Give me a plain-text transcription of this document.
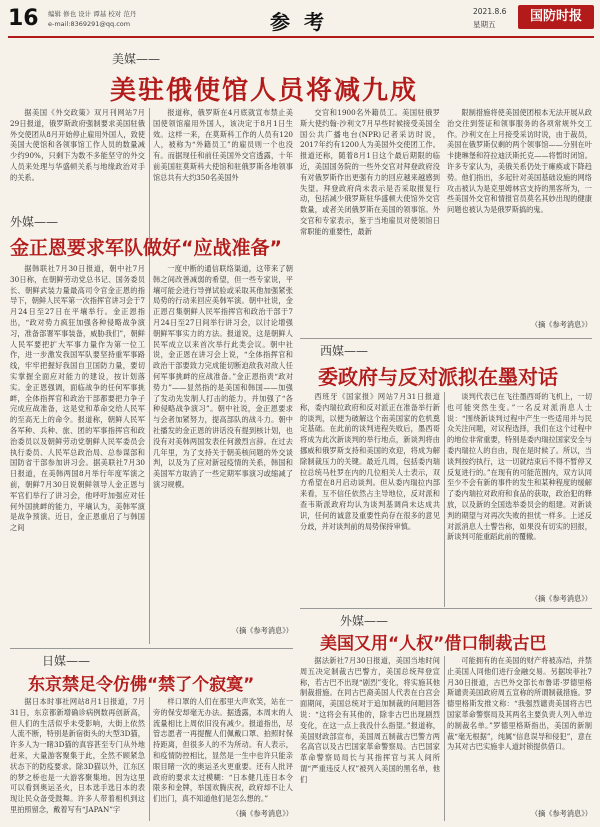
16 编辑 修也 设计 谭基 校对 范丹
e-mail:8369291@qq.com	参考	2021.8.6
星期五
国防时报
美媒——
美驻俄使馆人员将减九成

据美国《外交政策》双月刊网站7月29日报道，俄罗斯政府强制要求美国驻俄外交使团从8月开始停止雇用外国人，致使美国大使馆和各领事馆工作人员的数量减少约90%，只剩下为数不多能坚守的外交人员来处理与华盛顿关系与地缘政治对手的关系。

报道称，俄罗斯在4月底就宣布禁止美国使领馆雇用外国人，该决定于8月1日生效。这样一来，在莫斯科工作的人员有120人，被称为“外籍员工”的雇员则一个也没有。而据现任和前任美国外交官透露，十年前美国驻莫斯科大使馆和驻俄罗斯各地领事馆总共有大约350名美国外

交官和1900名外籍员工。美国驻俄罗斯大使约翰·沙利文7月早些时候接受美国全国公共广播电台(NPR)记者采访时说，2017年约有1200人为美国外交使团工作。报道还称，随着8月1日这个最后期限的临近，美国国务院的一些外交官对拜登政府没有对俄罗斯作出更强有力的回应越来越感到失望。拜登政府尚未表示是否采取报复行动，包括减少俄罗斯驻华盛顿大使馆外交官数量，或者关闭俄罗斯在美国的领事馆。外交官和专家表示，鉴于当地雇员对使领馆日常职能的重要性，最新

限制措施将使美国使团根本无法开展从政治交往到签证和领事服务的各项常规外交工作。沙利文在上月接受采访时说，由于裁员，美国在俄罗斯仅剩的两个领事馆——分别在叶卡捷琳堡和符拉迪沃斯托克——将暂时闭馆。许多专家认为，美俄关系仍处于瘫痪或下降趋势。他们指出，多起针对美国基础设施的网络攻击被认为是克里姆林宫支持的黑客所为，一些美国外交官和情报官员莫名其妙出现的健康问题也被认为是俄罗斯搞的鬼。

（摘《参考消息》）
外媒——
金正恩要求军队做好“应战准备”

据韩联社7月30日报道，朝中社7月30日称，在朝鲜劳动党总书记、国务委员长、朝鲜武装力量最高司令官金正恩的指导下，朝鲜人民军第一次指挥官讲习会于7月24日至27日在平壤举行。金正恩指出，“政对势力疯狂加强各种侵略战争演习，准备部署军事装备，威胁我们”，朝鲜人民军要把扩大军事力量作为第一位工作，进一步激发我国军队要坚持重军事路线，牢牢把握好我国自卫国防力量，要切实掌握全面应对能力的建设，按计划落实。金正恩强调，面临战争的任何军事挑衅，全体指挥官和政治干部都要把力争子完成应战准备，这是党和革命交给人民军的至高无上的命令。报道称，朝鲜人民军各军种、兵种、旅、团的军事指挥官和政治委员以及朝鲜劳动党朝鲜人民军委员会执行委员、人民军总政治局、总参谋部和国防省干部参加讲习会。据美联社7月30日报道，在美韩两国8月举行年度军演之前，朝鲜7月30日说朝鲜领导人金正恩与军官们举行了讲习会，他呼吁加强应对任何外国挑衅的能力，平壤认为，美韩军演是战争预演。近日，金正恩重启了与韩国之间

一度中断的通信联络渠道，这带来了朝韩之间改善减弱的希望，但一些专家说，平壤可能会进行导弹试验或采取其他加强紧张局势的行动来回应美韩军演。朝中社说，金正恩召集朝鲜人民军指挥官和政治干部于7月24日至27日间举行讲习会，以讨论增强朝鲜军事实力的方法。报道说，这是朝鲜人民军成立以来首次举行此类会议。朝中社说，金正恩在讲习会上说，“全体指挥官和政治干部要致力完成能切断迫敌我对敌人任何军事挑衅的应战准备。”金正恩指责“政对势力”——显然指的是美国和韩国——加强了发动先发制人打击的能力，并加强了“各种侵略战争演习”。朝中社说，金正恩要求与会者加紧努力，提高部队的战斗力。朝中社播发的金正恩的讲话没有提到核计划，也没有对美韩两国发表任何激烈言辞。在过去几年里，为了支持关于朝美核问题的外交谈判，以及为了应对新冠疫情的关系，韩国和美国军方取消了一些定期军事演习或缩减了演习规模。

（摘《参考消息》）
西媒——
委政府与反对派拟在墨对话

西班牙《国家报》网站7月31日报道称，委内瑞拉政府和反对派正在准备举行新的谈判，以便为破解这个南美国家的危机奠定基础。在此前的谈判进程失败后，墨西哥将成为此次新谈判的举行地点，新谈判将由挪威和俄罗斯支持和美国的欢迎，将成为解除制裁压力的关键。最近几周，包括委内瑞拉总统马杜罗在内的几位相关人士表示，双方希望在8月启动谈判。但从委内瑞拉内部来看，互不信任依然占主导地位，反对派和查韦斯派政府均认为谈判基调尚未达成共识，任何的诚意及重要性尚存在很多的意见分歧，并对谈判前的局势保持审慎。

谈判代表已在飞往墨西哥的飞机上，一切也可能突然生变。”一名反对派消息人士说：“围绕新谈判过程中产生一些适用并与民众关注问题，对议程选择，我们在这个过程中的地位非常重要，特别是委内瑞拉国家安全与委内瑞拉人的自由，现在是时候了。所以，当谈判按约执行，这一切就结束后不得不暂停又反复进行的。”在现有的可能范围内，双方认同至少不会有新的事件的发生和某种程度的缓解了委内瑞拉对政府和食品的获取，政治犯的释放，以及新的全国选举委员会的组建。对新谈判的期望与对再次失败的担忧一样多。上述反对派消息人士警告称，如果没有切实的回报，新谈判可能重蹈此前的覆辙。

（摘《参考消息》）
日媒——
东京禁足令仿佛“禁了个寂寞”

据日本时事社网站8月1日报道，7月31日，东京都新增确诊病例数再创新高，但人们的生活似乎未受影响，大街上依然人流不断，特别是新宿街头的大型3D猫，许多人为一睹3D猫的真容甚至专门从外地赶来，大量游客聚集于此，全然不顾紧急状态下的防疫要求。除3D猫以外，江东区的梦之桥也是一大游客聚集地。因为这里可以看到奥运圣火，日本选手选日本的表现让民众备受鼓舞。许多人带着相机到这里拍照留念，戴着写有“JAPAN”字

样口罩的人们在那里大声欢笑，站在一旁的保安却毫无办法。据透露，本周末的人流量相比上周依旧没有减少。报道指出，尽管志愿者一再提醒人们佩戴口罩、拍照时保持距离，但很多人的不为所动。有人表示，和疫情防控相比，显然是一生中也许只能亲眼目睹一次的奥运圣火更重要。还有人批评政府的要求太过模糊：“日本健几连日本令限多和金牌，举国欢腾庆祝，政府却不让人们出门，真不知道他们是怎么想的。”

（摘《参考消息》）
外媒——
美国又用“人权”借口制裁古巴

据法新社7月30日报道，美国当地时间周五决定制裁古巴警方，美国总统拜登宣称，若古巴不出现“剧烈”变化，将实施其他制裁措施。在同古巴裔美国人代表在白宫会面期间，美国总统对于追加制裁的问题回答说：“这将会有其他的，除非古巴出现剧烈变化，在这一点上我没什么指望。”报道称，美国财政部宣布，美国周五制裁古巴警方两名高官以及古巴国家革命警察局。古巴国家革命警察局局长与其指挥官与其人间所谓“严重违反人权”被列入美国的黑名单，他们

可能拥有的在美国的财产将被冻结，并禁止美国人同他们进行金融交易。另据埃菲社7月30日报道，古巴外交部长布鲁诺·罗德里格斯谴责美国政府周五宣称的所谓制裁措施。罗德里格斯发推文称：“我强烈谴责美国将古巴国家革命警察局及其两名主要负责人列入单边的制裁名单。”罗德里格斯指出，美国的新制裁“毫无根据”，纯属“信息误导和侵犯”，意在为其对古巴实施非人道封锁提供借口。

（摘《参考消息》）
